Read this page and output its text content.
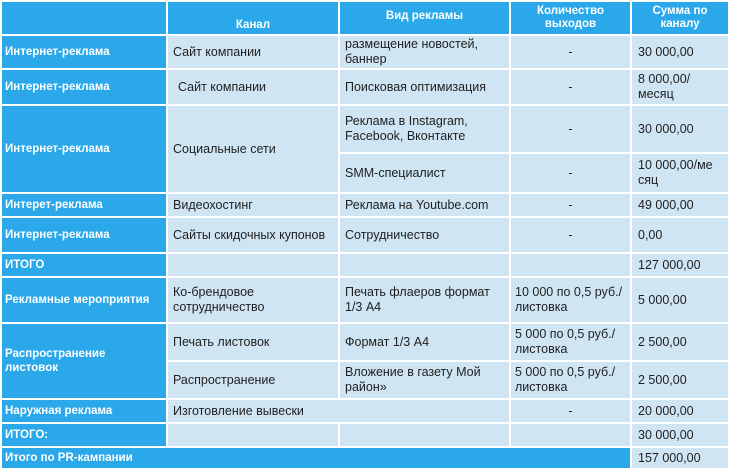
	Канал	Вид рекламы	Количество выходов	Сумма по каналу
Интернет-реклама	Сайт компании	размещение новостей, баннер	-	30 000,00
Интернет-реклама	Сайт компании	Поисковая оптимизация	-	8 000,00/ месяц
Интернет-реклама	Социальные сети	Реклама в Instagram, Facebook, Вконтакте	-	30 000,00
		SMM-специалист	-	10 000,00/ме сяц
Интерет-реклама	Видеохостинг	Реклама на Youtube.com	-	49 000,00
Интернет-реклама	Сайты скидочных купонов	Сотрудничество	-	0,00
ИТОГО				127 000,00
Рекламные мероприятия	Ко-брендовое сотрудничество	Печать флаеров формат 1/3 А4	10 000 по 0,5 руб./листовка	5 000,00
Распространение листовок	Печать листовок	Формат 1/3 А4	5 000 по 0,5 руб./листовка	2 500,00
	Распространение	Вложение в газету Мой район»	5 000 по 0,5 руб./листовка	2 500,00
Наружная реклама	Изготовление вывески		-	20 000,00
ИТОГО:				30 000,00
Итого по PR-кампании				157 000,00
